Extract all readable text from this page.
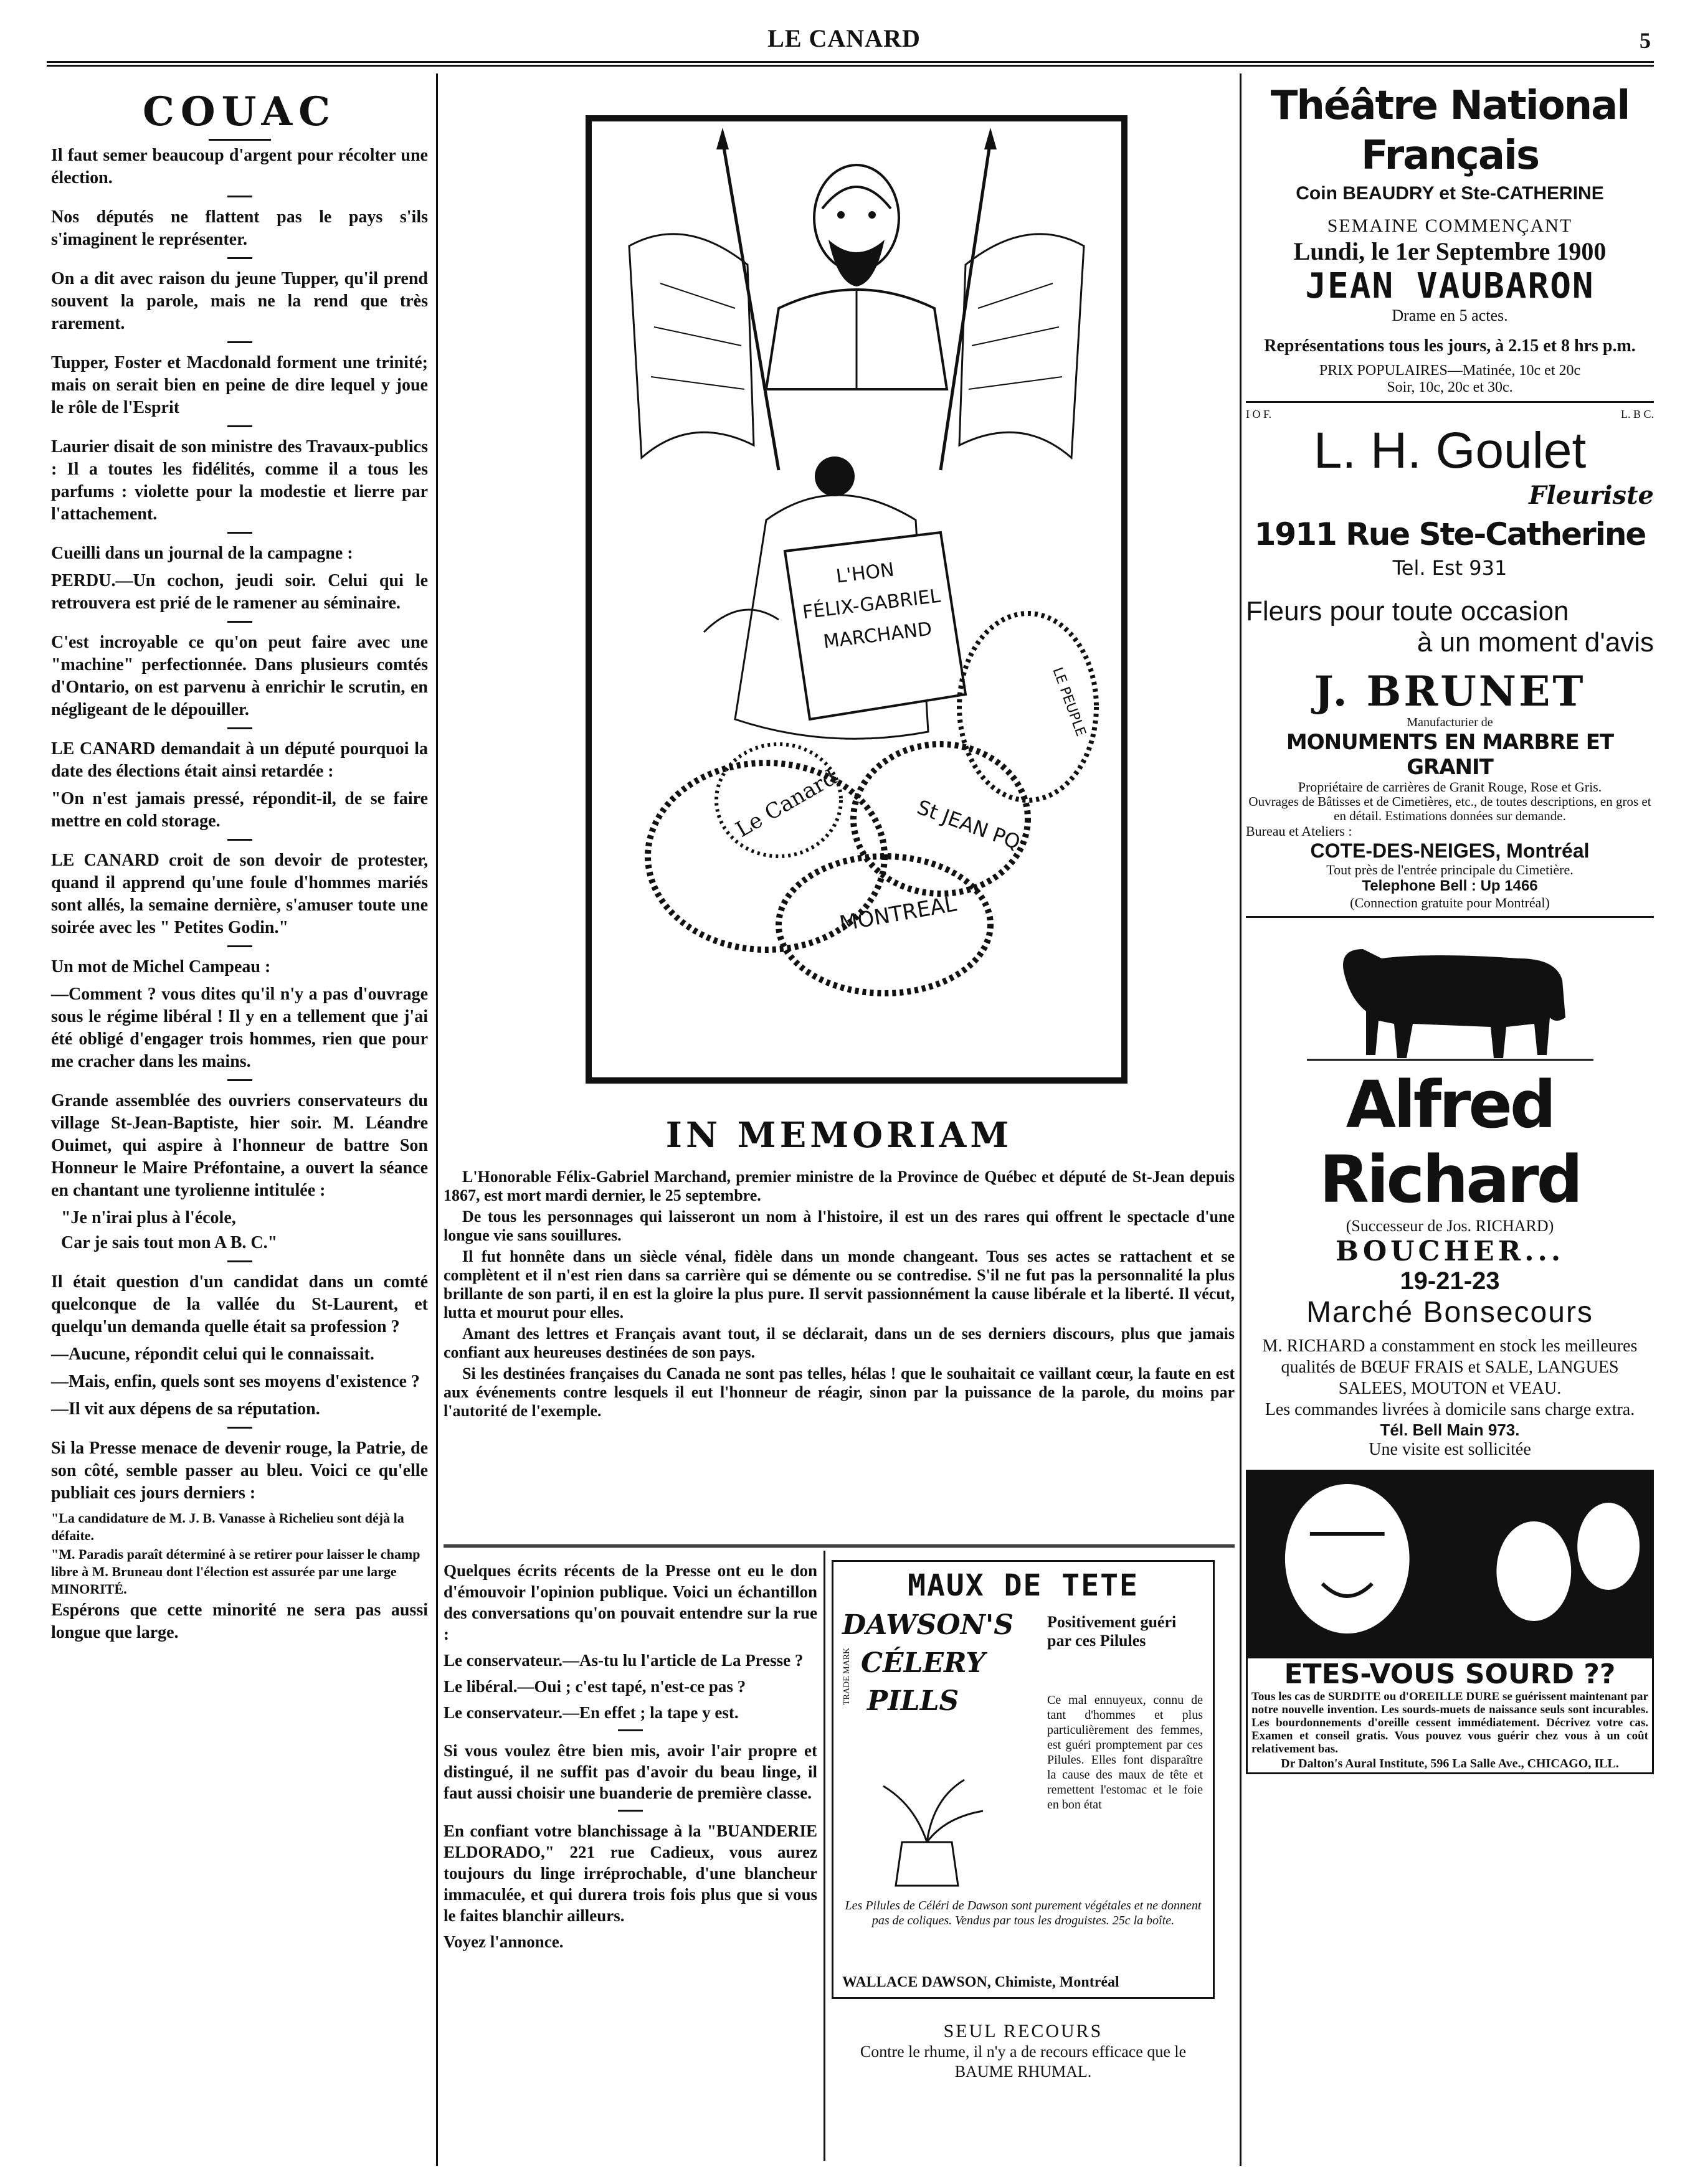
LE CANARD	5
COUAC

Il faut semer beaucoup d'argent pour récolter une élection.

Nos députés ne flattent pas le pays s'ils s'imaginent le représenter.

On a dit avec raison du jeune Tupper, qu'il prend souvent la parole, mais ne la rend que très rarement.

Tupper, Foster et Macdonald forment une trinité; mais on serait bien en peine de dire lequel y joue le rôle de l'Esprit

Laurier disait de son ministre des Travaux-publics : Il a toutes les fidélités, comme il a tous les parfums : violette pour la modestie et lierre par l'attachement.

Cueilli dans un journal de la campagne :

PERDU.—Un cochon, jeudi soir. Celui qui le retrouvera est prié de le ramener au séminaire.

C'est incroyable ce qu'on peut faire avec une "machine" perfectionnée. Dans plusieurs comtés d'Ontario, on est parvenu à enrichir le scrutin, en négligeant de le dépouiller.

LE CANARD demandait à un député pourquoi la date des élections était ainsi retardée :

"On n'est jamais pressé, répondit-il, de se faire mettre en cold storage.

LE CANARD croit de son devoir de protester, quand il apprend qu'une foule d'hommes mariés sont allés, la semaine dernière, s'amuser toute une soirée avec les " Petites Godin."

Un mot de Michel Campeau :

—Comment ? vous dites qu'il n'y a pas d'ouvrage sous le régime libéral ! Il y en a tellement que j'ai été obligé d'engager trois hommes, rien que pour me cracher dans les mains.

Grande assemblée des ouvriers conservateurs du village St-Jean-Baptiste, hier soir. M. Léandre Ouimet, qui aspire à l'honneur de battre Son Honneur le Maire Préfontaine, a ouvert la séance en chantant une tyrolienne intitulée :

"Je n'irai plus à l'école,

Car je sais tout mon A B. C."

Il était question d'un candidat dans un comté quelconque de la vallée du St-Laurent, et quelqu'un demanda quelle était sa profession ?

—Aucune, répondit celui qui le connaissait.

—Mais, enfin, quels sont ses moyens d'existence ?

—Il vit aux dépens de sa réputation.

Si la Presse menace de devenir rouge, la Patrie, de son côté, semble passer au bleu. Voici ce qu'elle publiait ces jours derniers :

"La candidature de M. J. B. Vanasse à Richelieu sont déjà la défaite.

"M. Paradis paraît déterminé à se retirer pour laisser le champ libre à M. Bruneau dont l'élection est assurée par une large MINORITÉ.

Espérons que cette minorité ne sera pas aussi longue que large.

L'HON
FÉLIX-GABRIEL
MARCHAND
Le Canard	St JEAN PQ
MONTREAL
LE PEUPLE
IN MEMORIAM

L'Honorable Félix-Gabriel Marchand, premier ministre de la Province de Québec et député de St-Jean depuis 1867, est mort mardi dernier, le 25 septembre.

De tous les personnages qui laisseront un nom à l'histoire, il est un des rares qui offrent le spectacle d'une longue vie sans souillures.

Il fut honnête dans un siècle vénal, fidèle dans un monde changeant. Tous ses actes se rattachent et se complètent et il n'est rien dans sa carrière qui se démente ou se contredise. S'il ne fut pas la personnalité la plus brillante de son parti, il en est la gloire la plus pure. Il servit passionnément la cause libérale et la liberté. Il vécut, lutta et mourut pour elles.

Amant des lettres et Français avant tout, il se déclarait, dans un de ses derniers discours, plus que jamais confiant aux heureuses destinées de son pays.

Si les destinées françaises du Canada ne sont pas telles, hélas ! que le souhaitait ce vaillant cœur, la faute en est aux événements contre lesquels il eut l'honneur de réagir, sinon par la puissance de la parole, du moins par l'autorité de l'exemple.

Quelques écrits récents de la Presse ont eu le don d'émouvoir l'opinion publique. Voici un échantillon des conversations qu'on pouvait entendre sur la rue :

Le conservateur.—As-tu lu l'article de La Presse ?

Le libéral.—Oui ; c'est tapé, n'est-ce pas ?

Le conservateur.—En effet ; la tape y est.

Si vous voulez être bien mis, avoir l'air propre et distingué, il ne suffit pas d'avoir du beau linge, il faut aussi choisir une buanderie de première classe.

En confiant votre blanchissage à la "BUANDERIE ELDORADO," 221 rue Cadieux, vous aurez toujours du linge irréprochable, d'une blancheur immaculée, et qui durera trois fois plus que si vous le faites blanchir ailleurs.

Voyez l'annonce.

MAUX DE TETE
DAWSON'S
CÉLERY
PILLS
TRADE MARK
Positivement guéri par ces Pilules
Ce mal ennuyeux, connu de tant d'hommes et plus particulièrement des femmes, est guéri promptement par ces Pilules. Elles font disparaître la cause des maux de tête et remettent l'estomac et le foie en bon état
Les Pilules de Céléri de Dawson sont purement végétales et ne donnent pas de coliques. Vendus par tous les droguistes. 25c la boîte.
WALLACE DAWSON, Chimiste, Montréal
SEUL RECOURS
Contre le rhume, il n'y a de recours efficace que le BAUME RHUMAL.
Théâtre National Français
Coin BEAUDRY et Ste-CATHERINE
SEMAINE COMMENÇANT
Lundi, le 1er Septembre 1900
JEAN VAUBARON
Drame en 5 actes.
Représentations tous les jours, à 2.15 et 8 hrs p.m.
PRIX POPULAIRES—Matinée, 10c et 20c
Soir, 10c, 20c et 30c.
I O F.	L. B C.
L. H. Goulet
Fleuriste
1911 Rue Ste-Catherine
Tel. Est 931
Fleurs pour toute occasion
à un moment d'avis
J. BRUNET
Manufacturier de
MONUMENTS EN MARBRE ET GRANIT
Propriétaire de carrières de Granit Rouge, Rose et Gris.
Ouvrages de Bâtisses et de Cimetières, etc., de toutes descriptions, en gros et en détail. Estimations données sur demande.
Bureau et Ateliers :
COTE-DES-NEIGES, Montréal
Tout près de l'entrée principale du Cimetière.
Telephone Bell : Up 1466
(Connection gratuite pour Montréal)
Alfred Richard
(Successeur de Jos. RICHARD)
BOUCHER...
19-21-23
Marché Bonsecours
M. RICHARD a constamment en stock les meilleures qualités de BŒUF FRAIS et SALE, LANGUES SALEES, MOUTON et VEAU.
Les commandes livrées à domicile sans charge extra.
Tél. Bell Main 973.
Une visite est sollicitée
ETES-VOUS SOURD ??
Tous les cas de SURDITE ou d'OREILLE DURE se guérissent maintenant par notre nouvelle invention. Les sourds-muets de naissance seuls sont incurables. Les bourdonnements d'oreille cessent immédiatement. Décrivez votre cas. Examen et conseil gratis. Vous pouvez vous guérir chez vous à un coût relativement bas.
Dr Dalton's Aural Institute, 596 La Salle Ave., CHICAGO, ILL.
